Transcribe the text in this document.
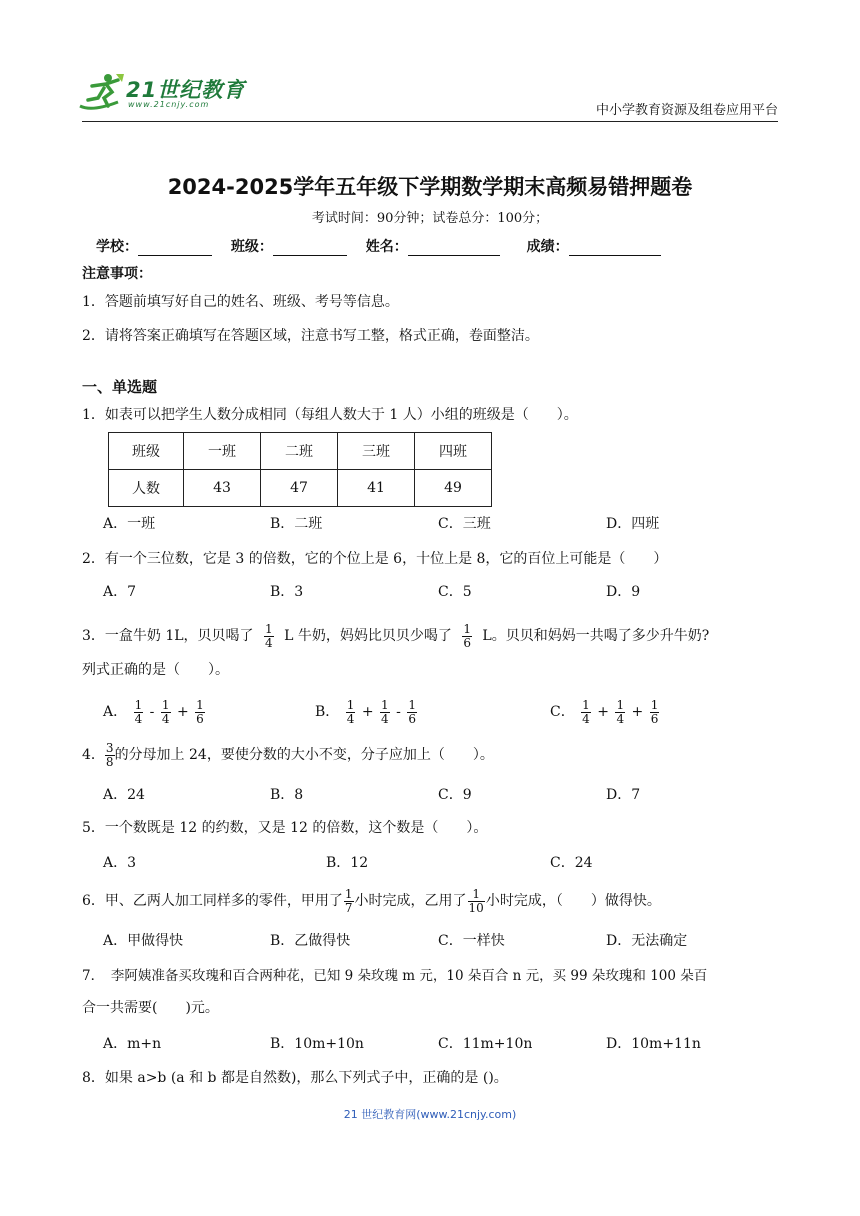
21世纪教育
www.21cnjy.com	中小学教育资源及组卷应用平台
2024-2025学年五年级下学期数学期末高频易错押题卷
考试时间：90分钟；试卷总分：100分；
学校：	班级：	姓名：	成绩：
注意事项：
1．答题前填写好自己的姓名、班级、考号等信息。
2．请将答案正确填写在答题区域，注意书写工整，格式正确，卷面整洁。
一、单选题
1．如表可以把学生人数分成相同（每组人数大于 1 人）小组的班级是（　　）。
班级	一班	二班	三班	四班
人数	43	47	41	49
A．一班	B．二班	C．三班	D．四班
2．有一个三位数，它是 3 的倍数，它的个位上是 6，十位上是 8，它的百位上可能是（　　）
A．7	B．3	C．5	D．9
3．一盒牛奶 1L，贝贝喝了 $\frac{1}{4}$ L 牛奶，妈妈比贝贝少喝了 $\frac{1}{6}$ L。贝贝和妈妈一共喝了多少升牛奶?
列式正确的是（　　）。
A． $\frac{1}{4} - \frac{1}{4} + \frac{1}{6}$	B． $\frac{1}{4} + \frac{1}{4} - \frac{1}{6}$	C． $\frac{1}{4} + \frac{1}{4} + \frac{1}{6}$
4． $\frac{3}{8}$ 的分母加上 24，要使分数的大小不变，分子应加上（　　）。
A．24	B．8	C．9	D．7
5．一个数既是 12 的约数，又是 12 的倍数，这个数是（　　）。
A．3	B．12	C．24
6．甲、乙两人加工同样多的零件，甲用了 $\frac{1}{7}$ 小时完成，乙用了 $\frac{1}{10}$ 小时完成，（　　）做得快。
A．甲做得快	B．乙做得快	C．一样快	D．无法确定
7．　李阿姨准备买玫瑰和百合两种花，已知 9 朵玫瑰 m 元，10 朵百合 n 元，买 99 朵玫瑰和 100 朵百
合一共需要(　　)元。
A．m+n	B．10m+10n	C．11m+10n	D．10m+11n
8．如果 a>b (a 和 b 都是自然数)，那么下列式子中，正确的是 ()。
21 世纪教育网(www.21cnjy.com)
